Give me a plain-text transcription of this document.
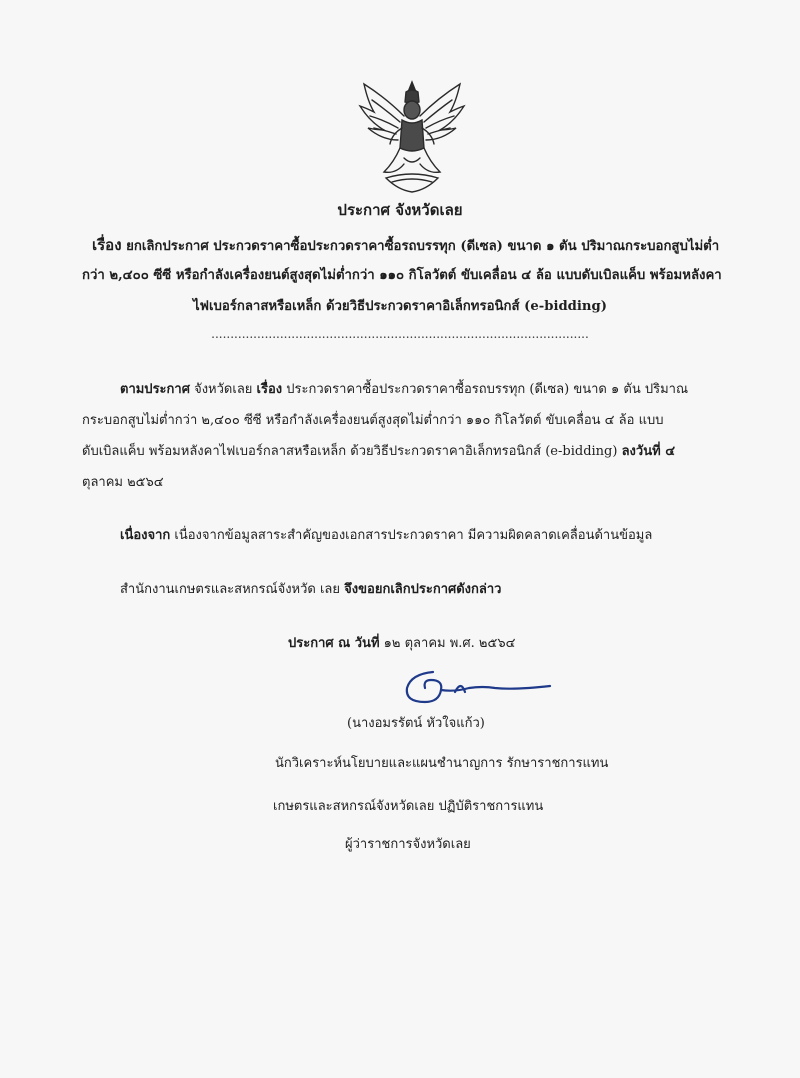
ประกาศ จังหวัดเลย
เรื่อง ยกเลิกประกาศ ประกวดราคาซื้อประกวดราคาซื้อรถบรรทุก (ดีเซล) ขนาด ๑ ตัน ปริมาณกระบอกสูบไม่ต่ำ
กว่า ๒,๔๐๐ ซีซี หรือกำลังเครื่องยนต์สูงสุดไม่ต่ำกว่า ๑๑๐ กิโลวัตต์ ขับเคลื่อน ๔ ล้อ แบบดับเบิลแค็บ พร้อมหลังคา
ไฟเบอร์กลาสหรือเหล็ก ด้วยวิธีประกวดราคาอิเล็กทรอนิกส์ (e-bidding)
...................................................................................................
ตามประกาศ จังหวัดเลย เรื่อง ประกวดราคาซื้อประกวดราคาซื้อรถบรรทุก (ดีเซล) ขนาด ๑ ตัน ปริมาณ
กระบอกสูบไม่ต่ำกว่า ๒,๔๐๐ ซีซี หรือกำลังเครื่องยนต์สูงสุดไม่ต่ำกว่า ๑๑๐ กิโลวัตต์ ขับเคลื่อน ๔ ล้อ แบบ
ดับเบิลแค็บ พร้อมหลังคาไฟเบอร์กลาสหรือเหล็ก ด้วยวิธีประกวดราคาอิเล็กทรอนิกส์ (e-bidding) ลงวันที่ ๔
ตุลาคม ๒๕๖๔
เนื่องจาก เนื่องจากข้อมูลสาระสำคัญของเอกสารประกวดราคา มีความผิดคลาดเคลื่อนด้านข้อมูล
สำนักงานเกษตรและสหกรณ์จังหวัด เลย จึงขอยกเลิกประกาศดังกล่าว
ประกาศ ณ วันที่ ๑๒ ตุลาคม พ.ศ. ๒๕๖๔
(นางอมรรัตน์ หัวใจแก้ว)
นักวิเคราะห์นโยบายและแผนชำนาญการ รักษาราชการแทน
เกษตรและสหกรณ์จังหวัดเลย ปฏิบัติราชการแทน
ผู้ว่าราชการจังหวัดเลย
